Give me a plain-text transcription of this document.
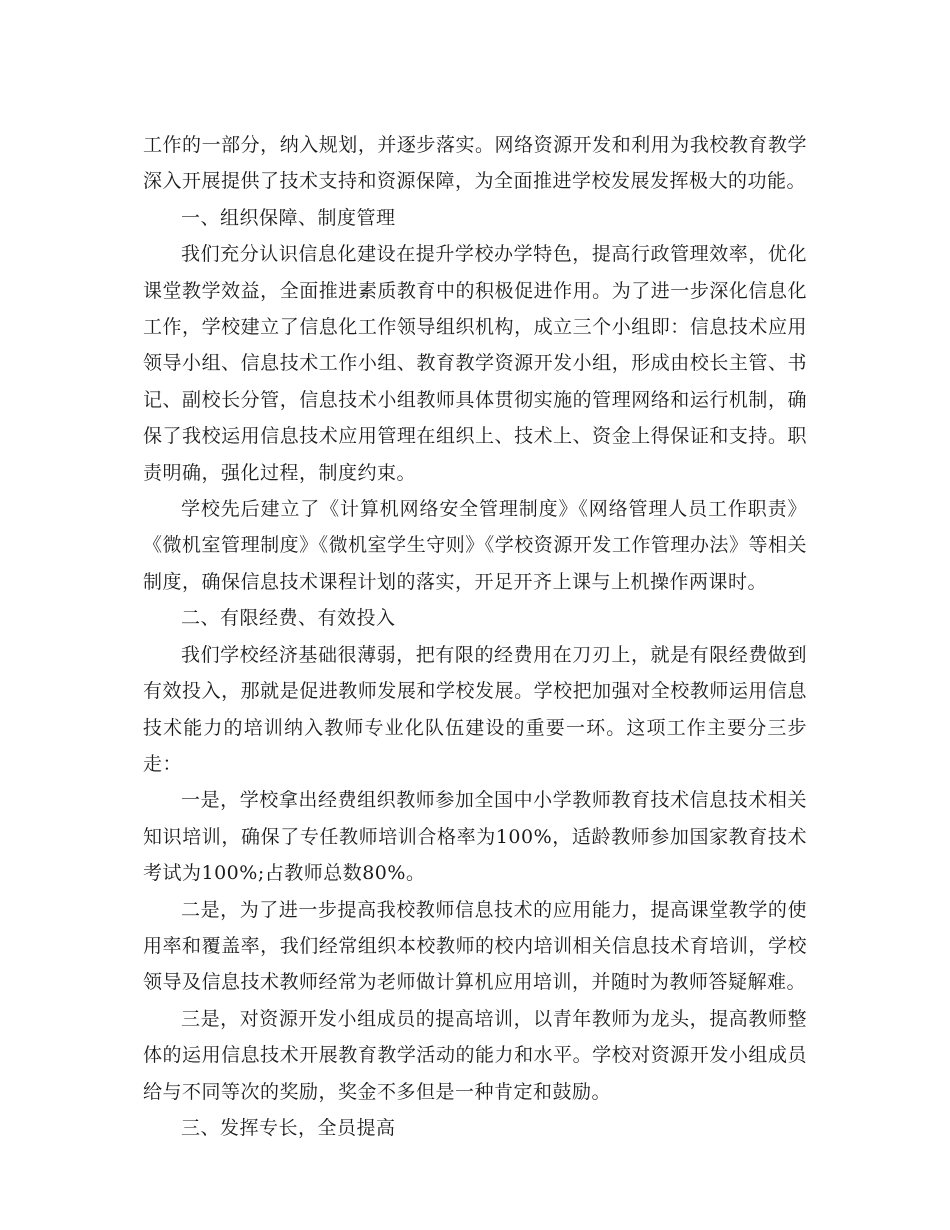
工作的一部分，纳入规划，并逐步落实。网络资源开发和利用为我校教育教学深入开展提供了技术支持和资源保障，为全面推进学校发展发挥极大的功能。

一、组织保障、制度管理

我们充分认识信息化建设在提升学校办学特色，提高行政管理效率，优化课堂教学效益，全面推进素质教育中的积极促进作用。为了进一步深化信息化工作，学校建立了信息化工作领导组织机构，成立三个小组即：信息技术应用领导小组、信息技术工作小组、教育教学资源开发小组，形成由校长主管、书记、副校长分管，信息技术小组教师具体贯彻实施的管理网络和运行机制，确保了我校运用信息技术应用管理在组织上、技术上、资金上得保证和支持。职责明确，强化过程，制度约束。

学校先后建立了《计算机网络安全管理制度》《网络管理人员工作职责》《微机室管理制度》《微机室学生守则》《学校资源开发工作管理办法》等相关制度，确保信息技术课程计划的落实，开足开齐上课与上机操作两课时。

二、有限经费、有效投入

我们学校经济基础很薄弱，把有限的经费用在刀刃上，就是有限经费做到有效投入，那就是促进教师发展和学校发展。学校把加强对全校教师运用信息技术能力的培训纳入教师专业化队伍建设的重要一环。这项工作主要分三步走：

一是，学校拿出经费组织教师参加全国中小学教师教育技术信息技术相关知识培训，确保了专任教师培训合格率为100%，适龄教师参加国家教育技术考试为100%;占教师总数80%。

二是，为了进一步提高我校教师信息技术的应用能力，提高课堂教学的使用率和覆盖率，我们经常组织本校教师的校内培训相关信息技术育培训，学校领导及信息技术教师经常为老师做计算机应用培训，并随时为教师答疑解难。

三是，对资源开发小组成员的提高培训，以青年教师为龙头，提高教师整体的运用信息技术开展教育教学活动的能力和水平。学校对资源开发小组成员给与不同等次的奖励，奖金不多但是一种肯定和鼓励。

三、发挥专长，全员提高
